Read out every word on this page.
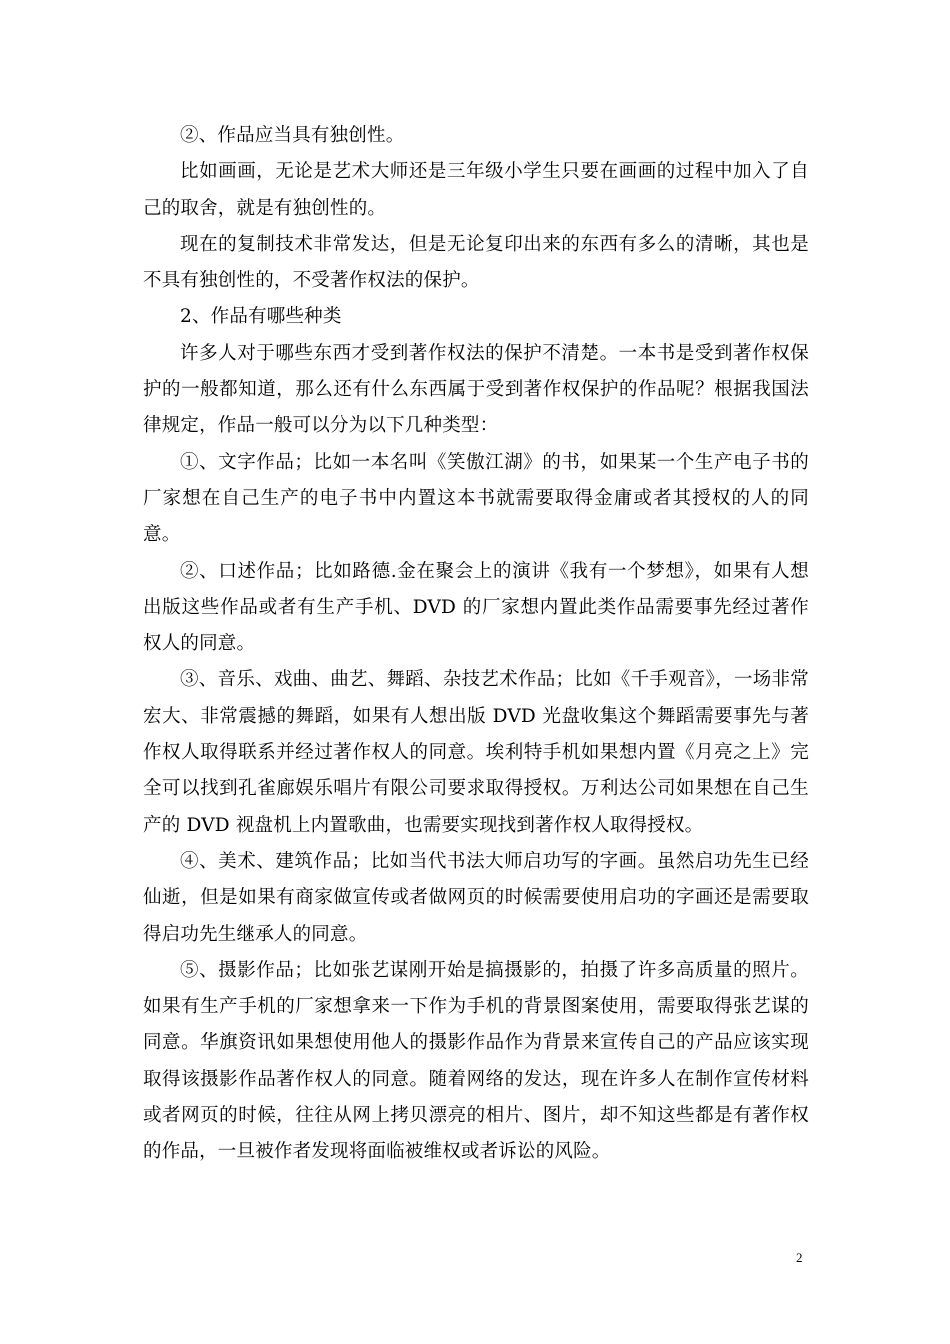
②、作品应当具有独创性。

比如画画，无论是艺术大师还是三年级小学生只要在画画的过程中加入了自己的取舍，就是有独创性的。

现在的复制技术非常发达，但是无论复印出来的东西有多么的清晰，其也是不具有独创性的，不受著作权法的保护。

2、作品有哪些种类

许多人对于哪些东西才受到著作权法的保护不清楚。一本书是受到著作权保护的一般都知道，那么还有什么东西属于受到著作权保护的作品呢？根据我国法律规定，作品一般可以分为以下几种类型：

①、文字作品；比如一本名叫《笑傲江湖》的书，如果某一个生产电子书的厂家想在自己生产的电子书中内置这本书就需要取得金庸或者其授权的人的同意。

②、口述作品；比如路德.金在聚会上的演讲《我有一个梦想》，如果有人想出版这些作品或者有生产手机、DVD 的厂家想内置此类作品需要事先经过著作权人的同意。

③、音乐、戏曲、曲艺、舞蹈、杂技艺术作品；比如《千手观音》，一场非常宏大、非常震撼的舞蹈，如果有人想出版 DVD 光盘收集这个舞蹈需要事先与著作权人取得联系并经过著作权人的同意。埃利特手机如果想内置《月亮之上》完全可以找到孔雀廊娱乐唱片有限公司要求取得授权。万利达公司如果想在自己生产的 DVD 视盘机上内置歌曲，也需要实现找到著作权人取得授权。

④、美术、建筑作品；比如当代书法大师启功写的字画。虽然启功先生已经仙逝，但是如果有商家做宣传或者做网页的时候需要使用启功的字画还是需要取得启功先生继承人的同意。

⑤、摄影作品；比如张艺谋刚开始是搞摄影的，拍摄了许多高质量的照片。如果有生产手机的厂家想拿来一下作为手机的背景图案使用，需要取得张艺谋的同意。华旗资讯如果想使用他人的摄影作品作为背景来宣传自己的产品应该实现取得该摄影作品著作权人的同意。随着网络的发达，现在许多人在制作宣传材料或者网页的时候，往往从网上拷贝漂亮的相片、图片，却不知这些都是有著作权的作品，一旦被作者发现将面临被维权或者诉讼的风险。

2
